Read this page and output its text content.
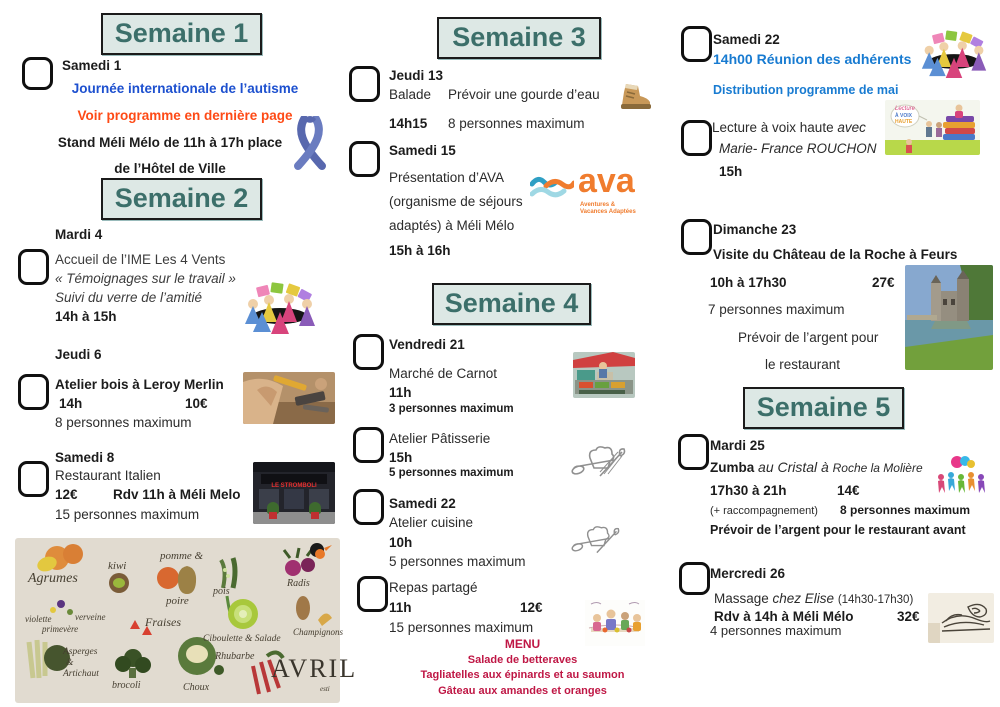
Semaine 1
Samedi 1
Journée internationale de l’autisme
Voir programme en dernière page
Stand Méli Mélo de 11h à 17h place
de l’Hôtel de Ville
Semaine 2
Mardi 4
Accueil de l’IME Les 4 Vents
« Témoignages sur le travail »
Suivi du verre de l’amitié
14h à 15h
Jeudi 6
Atelier bois à Leroy Merlin
14h	10€
8 personnes maximum
Samedi 8
Restaurant Italien
12€	Rdv 11h à Méli Melo
15 personnes maximum
LE STROMBOLI
Agrumes
kiwi
pomme &
poire
pois
Radis
violette	verveine
primevère	Fraises
Ciboulette & Salade
Champignons
Asperges
&
Artichaut
brocoli	Choux
Rhubarbe AVRIL
esti
Semaine 3
Jeudi 13
Balade Prévoir une gourde d’eau
14h15 8 personnes maximum
Samedi 15
Présentation d’AVA
(organisme de séjours
adaptés) à Méli Mélo
15h à 16h
ava
Aventures &
Vacances Adaptées
Semaine 4
Vendredi 21
Marché de Carnot
11h
3 personnes maximum
Atelier Pâtisserie
15h
5 personnes maximum
Samedi 22
Atelier cuisine
10h
5 personnes maximum
Repas partagé
11h	12€
15 personnes maximum
MENU
Salade de betteraves
Tagliatelles aux épinards et au saumon
Gâteau aux amandes et oranges
Samedi 22
14h00 Réunion des adhérents
Distribution programme de mai
Lecture à voix haute avec
Marie- France ROUCHON
15h
Lecture
À VOIX
HAUTE
Dimanche 23
Visite du Château de la Roche à Feurs
10h à 17h30	27€
7 personnes maximum
Prévoir de l’argent pour
le restaurant
Semaine 5
Mardi 25
Zumba au Cristal à Roche la Molière
17h30 à 21h	14€
(+ raccompagnement) 8 personnes maximum
Prévoir de l’argent pour le restaurant avant
Mercredi 26
Massage chez Elise (14h30-17h30)
Rdv à 14h à Méli Mélo	32€
4 personnes maximum
